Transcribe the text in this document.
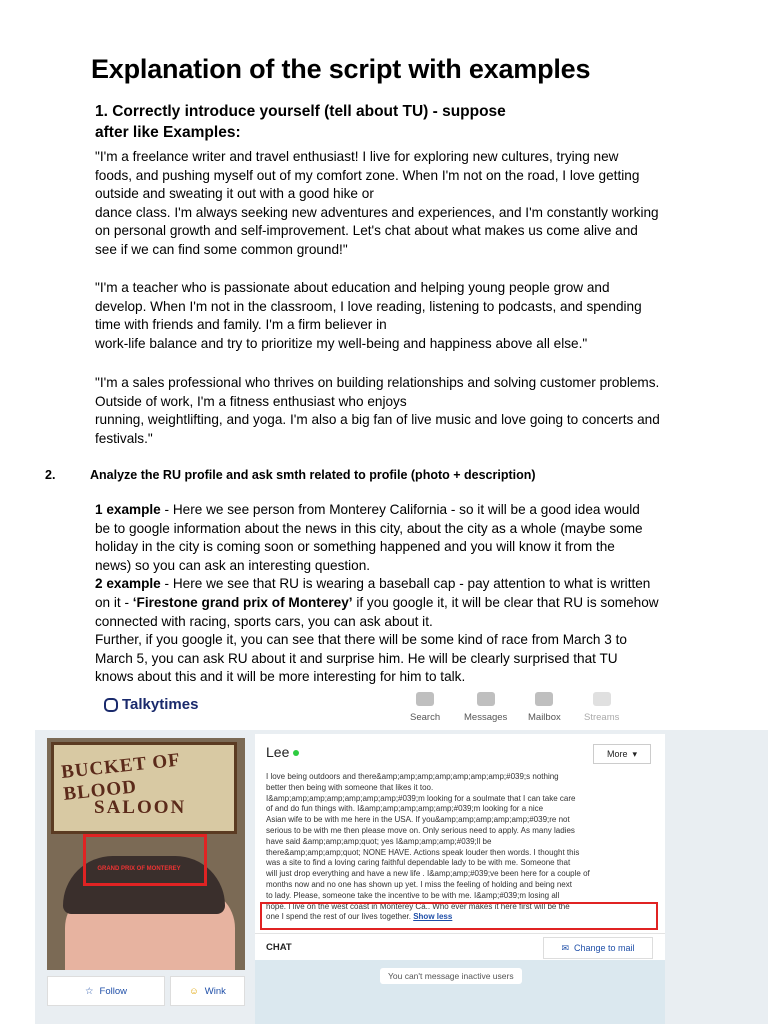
Explanation of the script with examples
1. Correctly introduce yourself (tell about TU) - suppose
after like Examples:
"I'm a freelance writer and travel enthusiast! I live for exploring new cultures, trying new
foods, and pushing myself out of my comfort zone. When I'm not on the road, I love getting
outside and sweating it out with a good hike or
dance class. I'm always seeking new adventures and experiences, and I'm constantly working
on personal growth and self-improvement. Let's chat about what makes us come alive and
see if we can find some common ground!"
"I'm a teacher who is passionate about education and helping young people grow and
develop. When I'm not in the classroom, I love reading, listening to podcasts, and spending
time with friends and family. I'm a firm believer in
work-life balance and try to prioritize my well-being and happiness above all else."
"I'm a sales professional who thrives on building relationships and solving customer problems.
Outside of work, I'm a fitness enthusiast who enjoys
running, weightlifting, and yoga. I'm also a big fan of live music and love going to concerts and
festivals."
2.	Analyze the RU profile and ask smth related to profile (photo + description)
1 example - Here we see person from Monterey California - so it will be a good idea would
be to google information about the news in this city, about the city as a whole (maybe some
holiday in the city is coming soon or something happened and you will know it from the
news) so you can ask an interesting question.
2 example - Here we see that RU is wearing a baseball cap - pay attention to what is written
on it - ‘Firestone grand prix of Monterey’ if you google it, it will be clear that RU is somehow
connected with racing, sports cars, you can ask about it.
Further, if you google it, you can see that there will be some kind of race from March 3 to
March 5, you can ask RU about it and surprise him. He will be clearly surprised that TU
knows about this and it will be more interesting for him to talk.
Talkytimes
Search	Messages Mailbox Streams
BUCKET OF BLOOD
SALOON
GRAND PRIX OF MONTEREY
☆ Follow	☺ Wink
Lee	More ▾
I love being outdoors and there&amp;amp;amp;amp;amp;amp;amp;#039;s nothing
better then being with someone that likes it too.
I&amp;amp;amp;amp;amp;amp;amp;#039;m looking for a soulmate that I can take care
of and do fun things with. I&amp;amp;amp;amp;amp;#039;m looking for a nice
Asian wife to be with me here in the USA. If you&amp;amp;amp;amp;amp;#039;re not
serious to be with me then please move on. Only serious need to apply. As many ladies
have said &amp;amp;amp;quot; yes I&amp;amp;amp;#039;ll be
there&amp;amp;amp;quot; NONE HAVE. Actions speak louder then words. I thought this
was a site to find a loving caring faithful dependable lady to be with me. Someone that
will just drop everything and have a new life . I&amp;amp;#039;ve been here for a couple of
months now and no one has shown up yet. I miss the feeling of holding and being next
to lady. Please, someone take the incentive to be with me. I&amp;#039;m losing all
hope. I live on the west coast in Monterey Ca.. Who ever makes it here first will be the
one I spend the rest of our lives together. Show less
CHAT	✉ Change to mail
You can't message inactive users
